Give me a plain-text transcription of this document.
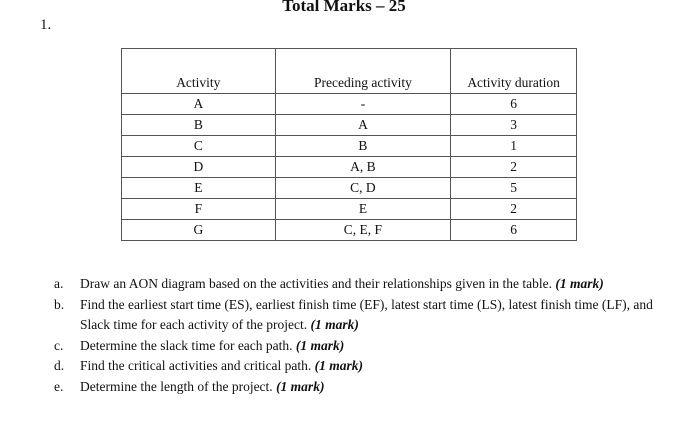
Total Marks – 25
1.
Activity	Preceding activity	Activity duration
A	-	6
B	A	3
C	B	1
D	A, B	2
E	C, D	5
F	E	2
G	C, E, F	6
a.	Draw an AON diagram based on the activities and their relationships given in the table. (1 mark)
b.	Find the earliest start time (ES), earliest finish time (EF), latest start time (LS), latest finish time (LF), and Slack time for each activity of the project. (1 mark)
c.	Determine the slack time for each path. (1 mark)
d.	Find the critical activities and critical path. (1 mark)
e.	Determine the length of the project. (1 mark)
